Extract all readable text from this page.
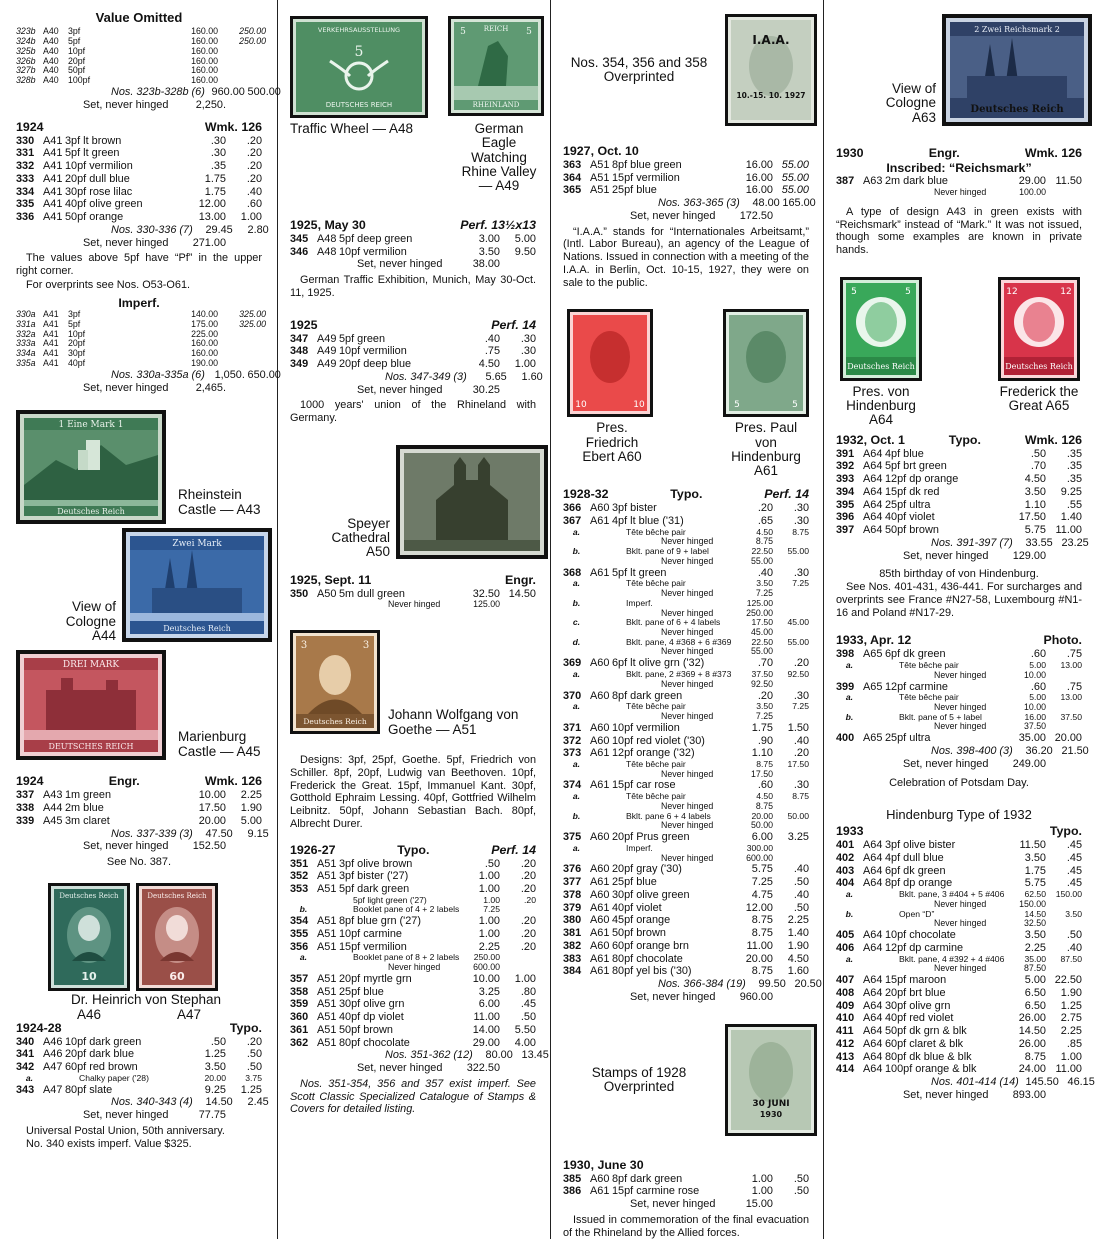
Value Omitted
323b A40	3pf	160.00	250.00
324b A40	5pf	160.00	250.00
325b A40	10pf	160.00
326b A40	20pf	160.00
327b A40	50pf	160.00
328b A40	100pf	160.00
Nos. 323b-328b (6) 960.00 500.00
Set, never hinged	2,250.
1924	Wmk. 126
330 A41 3pf lt brown	.30	.20
331 A41 5pf lt green	.30	.20
332 A41 10pf vermilion	.35	.20
333 A41 20pf dull blue	1.75	.20
334 A41 30pf rose lilac	1.75	.40
335 A41 40pf olive green	12.00	.60
336 A41 50pf orange	13.00	1.00
Nos. 330-336 (7)	29.45	2.80
Set, never hinged	271.00
The values above 5pf have “Pf” in the upper right corner.
For overprints see Nos. O53-O61.
Imperf.
330a A41	3pf	140.00	325.00
331a A41	5pf	175.00	325.00
332a A41	10pf	225.00
333a A41	20pf	160.00
334a A41	30pf	160.00
335a A41	40pf	190.00
Nos. 330a-335a (6) 1,050. 650.00
Set, never hinged	2,465.
1 Eine Mark 1
Deutsches Reich
Rheinstein Castle — A43
Zwei Mark
Deutsches Reich
View of Cologne A44
DREI MARK
DEUTSCHES REICH
Marienburg Castle — A45
1924	Engr.	Wmk. 126
337 A43 1m green	10.00	2.25
338 A44 2m blue	17.50	1.90
339 A45 3m claret	20.00	5.00
Nos. 337-339 (3)	47.50	9.15
Set, never hinged	152.50
See No. 387.
Deutsches Reich
10
Deutsches Reich
60
Dr. Heinrich von Stephan
A46	A47
1924-28	Typo.
340 A46 10pf dark green	.50	.20
341 A46 20pf dark blue	1.25	.50
342 A47 60pf red brown	3.50	.50
a.	Chalky paper ('28)	20.00	3.75
343 A47 80pf slate	9.25	1.25
Nos. 340-343 (4)	14.50	2.45
Set, never hinged	77.75
Universal Postal Union, 50th anniversary.
No. 340 exists imperf. Value $325.
VERKEHRSAUSSTELLUNG
5
DEUTSCHES REICH
Traffic Wheel — A48
REICH
5	5
RHEINLAND
German Eagle Watching Rhine Valley — A49
1925, May 30	Perf. 13½x13
345 A48 5pf deep green	3.00	5.00
346 A48 10pf vermilion	3.50	9.50
Set, never hinged	38.00
German Traffic Exhibition, Munich, May 30-Oct. 11, 1925.
1925	Perf. 14
347 A49 5pf green	.40	.30
348 A49 10pf vermilion	.75	.30
349 A49 20pf deep blue	4.50	1.00
Nos. 347-349 (3)	5.65	1.60
Set, never hinged	30.25
1000 years' union of the Rhineland with Germany.
Speyer Cathedral A50
1925, Sept. 11	Engr.
350 A50 5m dull green	32.50 14.50
Never hinged	125.00
3	3
Deutsches Reich Johann Wolfgang von Goethe — A51
Designs: 3pf, 25pf, Goethe. 5pf, Friedrich von Schiller. 8pf, 20pf, Ludwig van Beethoven. 10pf, Frederick the Great. 15pf, Immanuel Kant. 30pf, Gotthold Ephraim Lessing. 40pf, Gottfried Wilhelm Leibnitz. 50pf, Johann Sebastian Bach. 80pf, Albrecht Durer.
1926-27	Typo.	Perf. 14
351 A51 3pf olive brown	.50	.20
352 A51 3pf bister ('27)	1.00	.20
353 A51 5pf dark green	1.00	.20
5pf light green ('27)	1.00	.20
b.	Booklet pane of 4 + 2 labels	7.25
354 A51 8pf blue grn ('27)	1.00	.20
355 A51 10pf carmine	1.00	.20
356 A51 15pf vermilion	2.25	.20
a.	Booklet pane of 8 + 2 labels	250.00
Never hinged	600.00
357 A51 20pf myrtle grn	10.00	1.00
358 A51 25pf blue	3.25	.80
359 A51 30pf olive grn	6.00	.45
360 A51 40pf dp violet	11.00	.50
361 A51 50pf brown	14.00	5.50
362 A51 80pf chocolate	29.00	4.00
Nos. 351-362 (12)	80.00 13.45
Set, never hinged	322.50
Nos. 351-354, 356 and 357 exist imperf. See Scott Classic Specialized Catalogue of Stamps & Covers for detailed listing.
Nos. 354, 356 and 358 Overprinted
I.A.A.
10.-15. 10. 1927
1927, Oct. 10
363 A51 8pf blue green	16.00 55.00
364 A51 15pf vermilion	16.00 55.00
365 A51 25pf blue	16.00 55.00
Nos. 363-365 (3)	48.00 165.00
Set, never hinged	172.50
“I.A.A.” stands for “Internationales Arbeitsamt,” (Intl. Labor Bureau), an agency of the League of Nations. Issued in connection with a meeting of the I.A.A. in Berlin, Oct. 10-15, 1927, they were on sale to the public.
10	10	5	5
Pres. Friedrich Ebert A60
Pres. Paul von Hindenburg A61
1928-32	Typo.	Perf. 14
366 A60 3pf bister	.20	.30
367 A61 4pf lt blue ('31)	.65	.30
a.	Tête bêche pair	4.50	8.75
Never hinged	8.75
b.	Bklt. pane of 9 + label	22.50	55.00
Never hinged	55.00
368 A61 5pf lt green	.40	.30
a.	Tête bêche pair	3.50	7.25
Never hinged	7.25
b.	Imperf.	125.00
Never hinged	250.00
c.	Bklt. pane of 6 + 4 labels	17.50	45.00
Never hinged	45.00
d.	Bklt. pane, 4 #368 + 6 #369	22.50	55.00
Never hinged	55.00
369 A60 6pf lt olive grn ('32)	.70	.20
a.	Bklt. pane, 2 #369 + 8 #373	37.50	92.50
Never hinged	92.50
370 A60 8pf dark green	.20	.30
a.	Tête bêche pair	3.50	7.25
Never hinged	7.25
371 A60 10pf vermilion	1.75	1.50
372 A60 10pf red violet ('30)	.90	.40
373 A61 12pf orange ('32)	1.10	.20
a.	Tête bêche pair	8.75	17.50
Never hinged	17.50
374 A61 15pf car rose	.60	.30
a.	Tête bêche pair	4.50	8.75
Never hinged	8.75
b.	Bklt. pane 6 + 4 labels	20.00	50.00
Never hinged	50.00
375 A60 20pf Prus green	6.00	3.25
a.	Imperf.	300.00
Never hinged	600.00
376 A60 20pf gray ('30)	5.75	.40
377 A61 25pf blue	7.25	.50
378 A60 30pf olive green	4.75	.40
379 A61 40pf violet	12.00	.50
380 A60 45pf orange	8.75	2.25
381 A61 50pf brown	8.75	1.40
382 A60 60pf orange brn	11.00	1.90
383 A61 80pf chocolate	20.00	4.50
384 A61 80pf yel bis ('30)	8.75	1.60
Nos. 366-384 (19)	99.50 20.50
Set, never hinged	960.00
Stamps of 1928 Overprinted
30 JUNI
1930
1930, June 30
385 A60 8pf dark green	1.00	.50
386 A61 15pf carmine rose	1.00	.50
Set, never hinged	15.00
Issued in commemoration of the final evacuation of the Rhineland by the Allied forces.
2 Zwei Reichsmark 2
Deutsches Reich
View of Cologne A63
1930	Engr.	Wmk. 126
Inscribed: “Reichsmark”
387 A63 2m dark blue	29.00 11.50
Never hinged	100.00
A type of design A43 in green exists with “Reichsmark” instead of “Mark.” It was not issued, though some examples are known in private hands.
5	5
Deutsches Reich
12	12
Deutsches Reich
Pres. von Hindenburg A64
Frederick the Great A65
1932, Oct. 1	Typo.	Wmk. 126
391 A64 4pf blue	.50	.35
392 A64 5pf brt green	.70	.35
393 A64 12pf dp orange	4.50	.35
394 A64 15pf dk red	3.50	9.25
395 A64 25pf ultra	1.10	.55
396 A64 40pf violet	17.50	1.40
397 A64 50pf brown	5.75 11.00
Nos. 391-397 (7)	33.55 23.25
Set, never hinged	129.00
85th birthday of von Hindenburg.
See Nos. 401-431, 436-441. For surcharges and overprints see France #N27-58, Luxembourg #N1-16 and Poland #N17-29.
1933, Apr. 12	Photo.
398 A65 6pf dk green	.60	.75
a.	Tête bêche pair	5.00	13.00
Never hinged	10.00
399 A65 12pf carmine	.60	.75
a.	Tête bêche pair	5.00	13.00
Never hinged	10.00
b.	Bklt. pane of 5 + label	16.00	37.50
Never hinged	37.50
400 A65 25pf ultra	35.00 20.00
Nos. 398-400 (3)	36.20 21.50
Set, never hinged	249.00
Celebration of Potsdam Day.
Hindenburg Type of 1932
1933	Typo.
401 A64 3pf olive bister	11.50	.45
402 A64 4pf dull blue	3.50	.45
403 A64 6pf dk green	1.75	.45
404 A64 8pf dp orange	5.75	.45
a.	Bklt. pane, 3 #404 + 5 #406	62.50	150.00
Never hinged	150.00
b.	Open “D”	14.50	3.50
Never hinged	32.50
405 A64 10pf chocolate	3.50	.50
406 A64 12pf dp carmine	2.25	.40
a.	Bklt. pane, 4 #392 + 4 #406	35.00	87.50
Never hinged	87.50
407 A64 15pf maroon	5.00 22.50
408 A64 20pf brt blue	6.50	1.90
409 A64 30pf olive grn	6.50	1.25
410 A64 40pf red violet	26.00	2.75
411 A64 50pf dk grn & blk	14.50	2.25
412 A64 60pf claret & blk	26.00	.85
413 A64 80pf dk blue & blk	8.75	1.00
414 A64 100pf orange & blk	24.00 11.00
Nos. 401-414 (14) 145.50 46.15
Set, never hinged	893.00
